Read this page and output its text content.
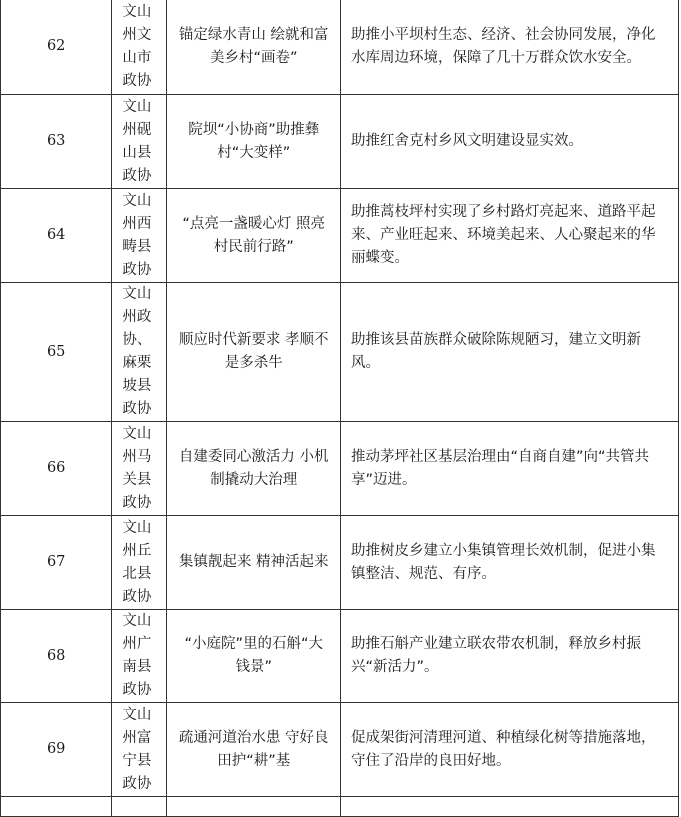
62	文山州文山市政协	锚定绿水青山 绘就和富美乡村“画卷”	助推小平坝村生态、经济、社会协同发展，净化水库周边环境，保障了几十万群众饮水安全。

63	文山州砚山县政协	院坝“小协商”助推彝村“大变样”	助推红舍克村乡风文明建设显实效。

64	文山州西畴县政协	“点亮一盏暖心灯 照亮村民前行路”	助推蒿枝坪村实现了乡村路灯亮起来、道路平起来、产业旺起来、环境美起来、人心聚起来的华丽蝶变。

65	文山州政协、麻栗坡县政协	顺应时代新要求 孝顺不是多杀牛	助推该县苗族群众破除陈规陋习，建立文明新风。

66	文山州马关县政协	自建委同心激活力 小机制撬动大治理	推动茅坪社区基层治理由“自商自建”向“共管共享”迈进。

67	文山州丘北县政协	集镇靓起来 精神活起来	助推树皮乡建立小集镇管理长效机制，促进小集镇整洁、规范、有序。

68	文山州广南县政协	“小庭院”里的石斛“大钱景”	助推石斛产业建立联农带农机制，释放乡村振兴“新活力”。

69	文山州富宁县政协	疏通河道治水患 守好良田护“耕”基	促成架街河清理河道、种植绿化树等措施落地，守住了沿岸的良田好地。
